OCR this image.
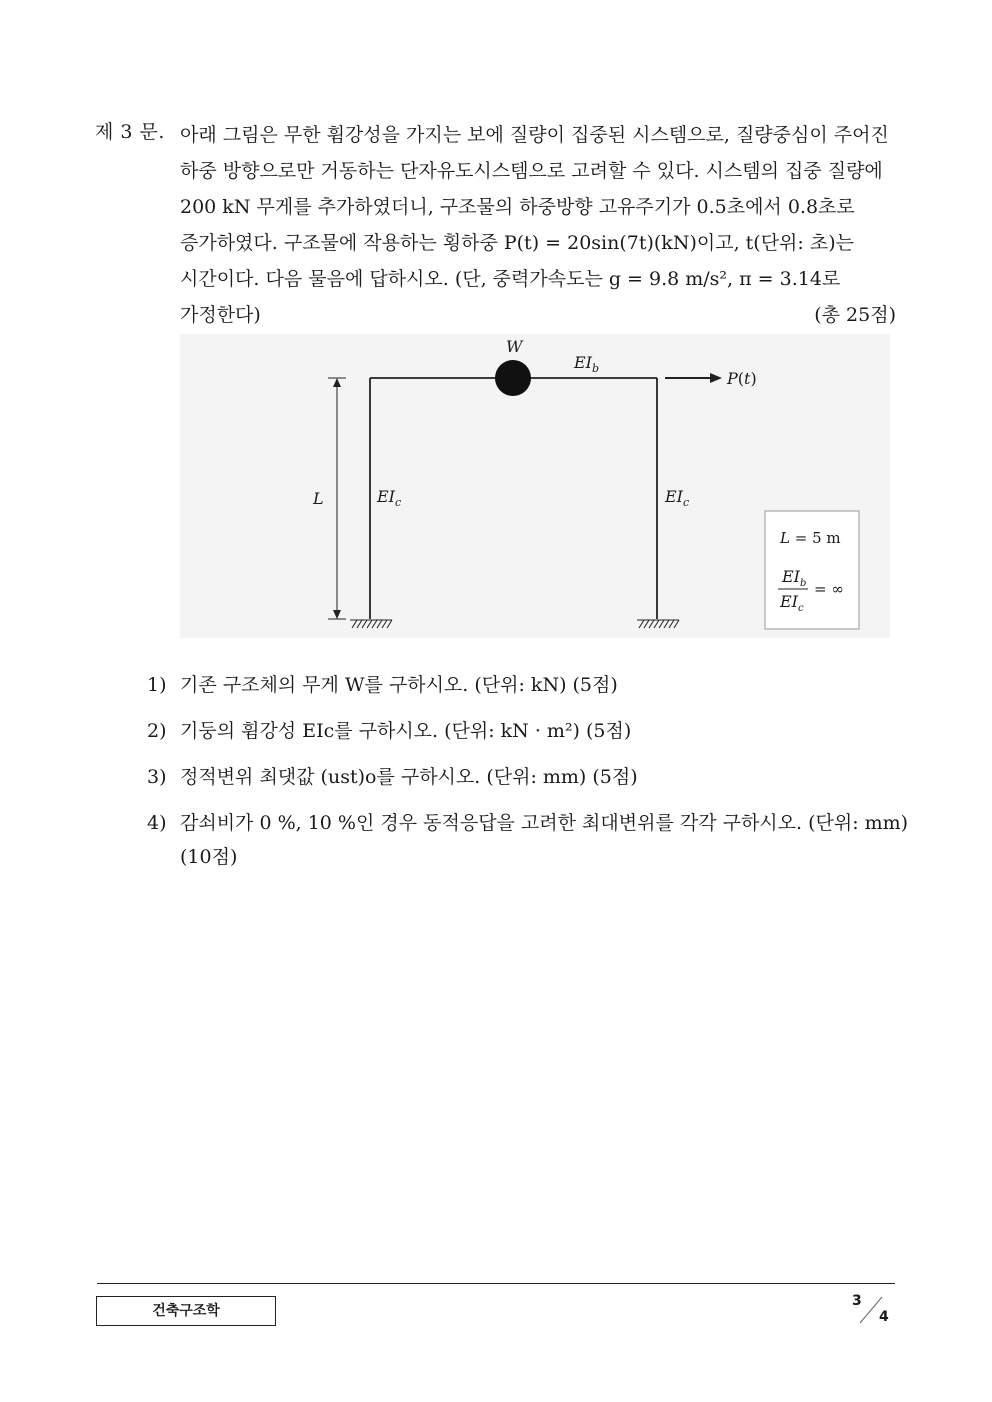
제 3 문. 아래 그림은 무한 휨강성을 가지는 보에 질량이 집중된 시스템으로, 질량중심이 주어진
하중 방향으로만 거동하는 단자유도시스템으로 고려할 수 있다. 시스템의 집중 질량에
200 kN 무게를 추가하였더니, 구조물의 하중방향 고유주기가 0.5초에서 0.8초로
증가하였다. 구조물에 작용하는 횡하중 P(t) = 20sin(7t)(kN)이고, t(단위: 초)는
시간이다. 다음 물음에 답하시오. (단, 중력가속도는 g = 9.8 m/s², π = 3.14로
가정한다)	(총 25점)
L
W
$EI_b$
P(t)
$EI_c$	$EI_c$
L = 5 m
$EI_b$
$EI_c$
= ∞
1) 기존 구조체의 무게 W를 구하시오. (단위: kN) (5점)
2) 기둥의 휨강성 EIc를 구하시오. (단위: kN · m²) (5점)
3) 정적변위 최댓값 (ust)o를 구하시오. (단위: mm) (5점)
4) 감쇠비가 0 %, 10 %인 경우 동적응답을 고려한 최대변위를 각각 구하시오. (단위: mm)
(10점)
건축구조학
3
4
